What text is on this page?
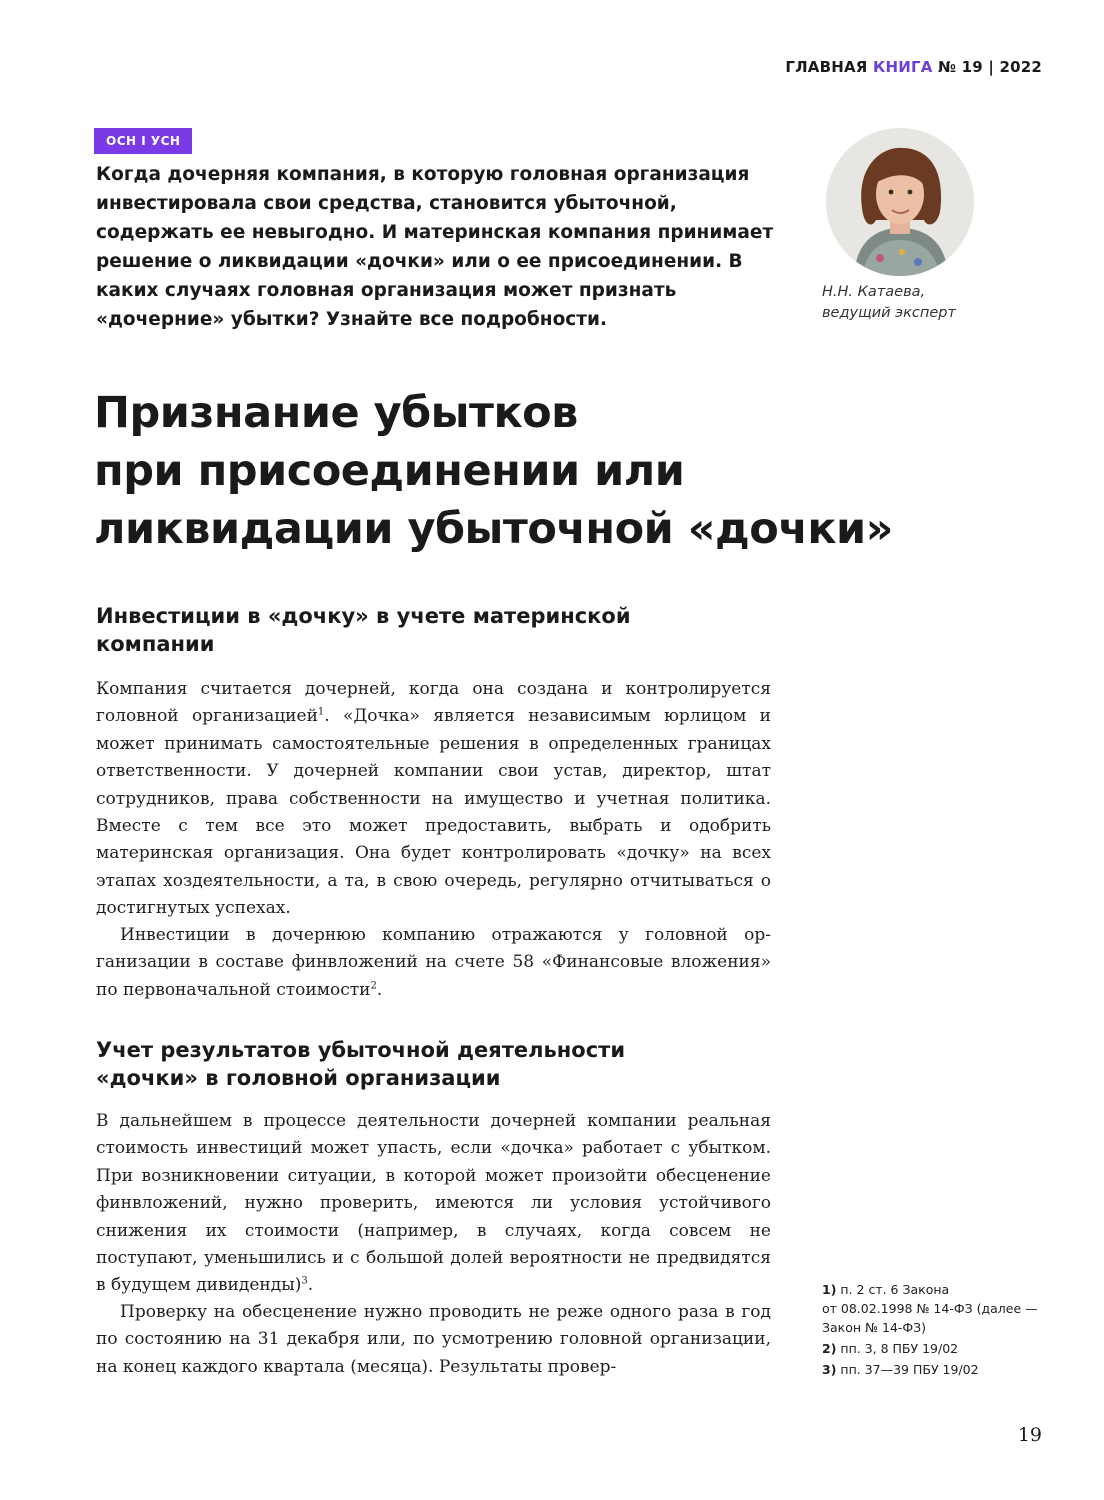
ГЛАВНАЯ КНИГА № 19 | 2022
ОСН I УСН

Когда дочерняя компания, в которую головная организация инвестировала свои средства, становится убыточной, содержать ее невыгодно. И материнская компания принимает решение о ликвидации «дочки» или о ее присоединении. В каких случаях головная организация может признать «дочерние» убытки? Узнайте все подробности.

Н.Н. Катаева,
ведущий эксперт
Признание убытков
при присоединении или
ликвидации убыточной «дочки»
Инвестиции в «дочку» в учете материнской
компании

Компания считается дочерней, когда она создана и контролируется головной организацией$^1$. «Дочка» является независимым юрлицом и может принимать самостоятельные решения в определенных границах ответственности. У дочерней компании свои устав, директор, штат сотрудников, права собственности на имущество и учетная политика. Вместе с тем все это может предоставить, выбрать и одобрить материнская организация. Она будет контролировать «дочку» на всех этапах хоздеятельности, а та, в свою очередь, регулярно отчитываться о достигнутых успехах.

Инвестиции в дочернюю компанию отражаются у головной организации в составе финвложений на счете 58 «Финансовые вложения» по первоначальной стоимости$^2$.

Учет результатов убыточной деятельности
«дочки» в головной организации

В дальнейшем в процессе деятельности дочерней компании реальная стоимость инвестиций может упасть, если «дочка» работает с убытком. При возникновении ситуации, в которой может произойти обесценение финвложений, нужно проверить, имеются ли условия устойчивого снижения их стоимости (например, в случаях, когда совсем не поступают, уменьшились и с большой долей вероятности не предвидятся в будущем дивиденды)$^3$.

Проверку на обесценение нужно проводить не реже одного раза в год по состоянию на 31 декабря или, по усмотрению головной организации, на конец каждого квартала (месяца). Результаты провер-

1) п. 2 ст. 6 Закона
от 08.02.1998 № 14-ФЗ (далее —
Закон № 14-ФЗ)
2) пп. 3, 8 ПБУ 19/02
3) пп. 37—39 ПБУ 19/02
19
